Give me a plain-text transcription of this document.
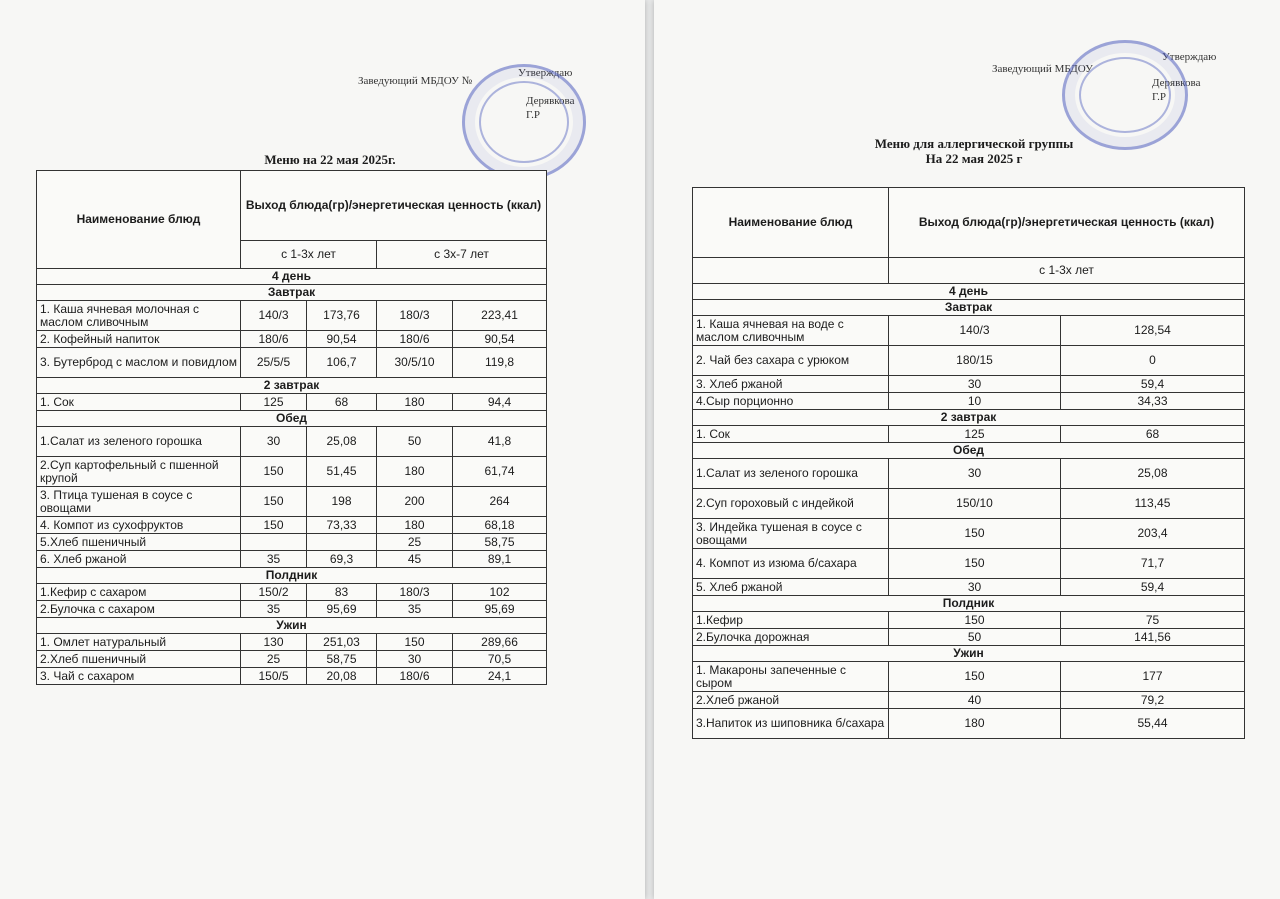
Заведующий МБДОУ №
Утверждаю
Дерявкова Г.Р
Меню на 22 мая 2025г.
Наименование блюд	Выход блюда(гр)/энергетическая ценность (ккал)			
	с 1-3х лет		с 3х-7 лет	
4 день				
Завтрак				
1. Каша ячневая молочная с маслом сливочным	140/3	173,76	180/3	223,41
2. Кофейный напиток	180/6	90,54	180/6	90,54
3. Бутерброд с маслом и повидлом	25/5/5	106,7	30/5/10	119,8
2 завтрак				
1. Сок	125	68	180	94,4
Обед				
1.Салат из зеленого горошка	30	25,08	50	41,8
2.Суп картофельный с пшенной крупой	150	51,45	180	61,74
3. Птица тушеная в соусе с овощами	150	198	200	264
4. Компот из сухофруктов	150	73,33	180	68,18
5.Хлеб пшеничный			25	58,75
6. Хлеб ржаной	35	69,3	45	89,1
Полдник				
1.Кефир с сахаром	150/2	83	180/3	102
2.Булочка с сахаром	35	95,69	35	95,69
Ужин				
1. Омлет натуральный	130	251,03	150	289,66
2.Хлеб пшеничный	25	58,75	30	70,5
3. Чай с сахаром	150/5	20,08	180/6	24,1
Заведующий МБДОУ
Утверждаю
Дерявкова Г.Р
Меню для аллергической группы
На 22 мая 2025 г
Наименование блюд	Выход блюда(гр)/энергетическая ценность (ккал)	
	с 1-3х лет	
4 день		
Завтрак		
1. Каша ячневая на воде с маслом сливочным	140/3	128,54
2. Чай без сахара с урюком	180/15	0
3. Хлеб ржаной	30	59,4
4.Сыр порционно	10	34,33
2 завтрак		
1. Сок	125	68
Обед		
1.Салат из зеленого горошка	30	25,08
2.Суп гороховый с индейкой	150/10	113,45
3. Индейка тушеная в соусе с овощами	150	203,4
4. Компот из изюма б/сахара	150	71,7
5. Хлеб ржаной	30	59,4
Полдник		
1.Кефир	150	75
2.Булочка дорожная	50	141,56
Ужин		
1. Макароны запеченные с сыром	150	177
2.Хлеб ржаной	40	79,2
3.Напиток из шиповника б/сахара	180	55,44
